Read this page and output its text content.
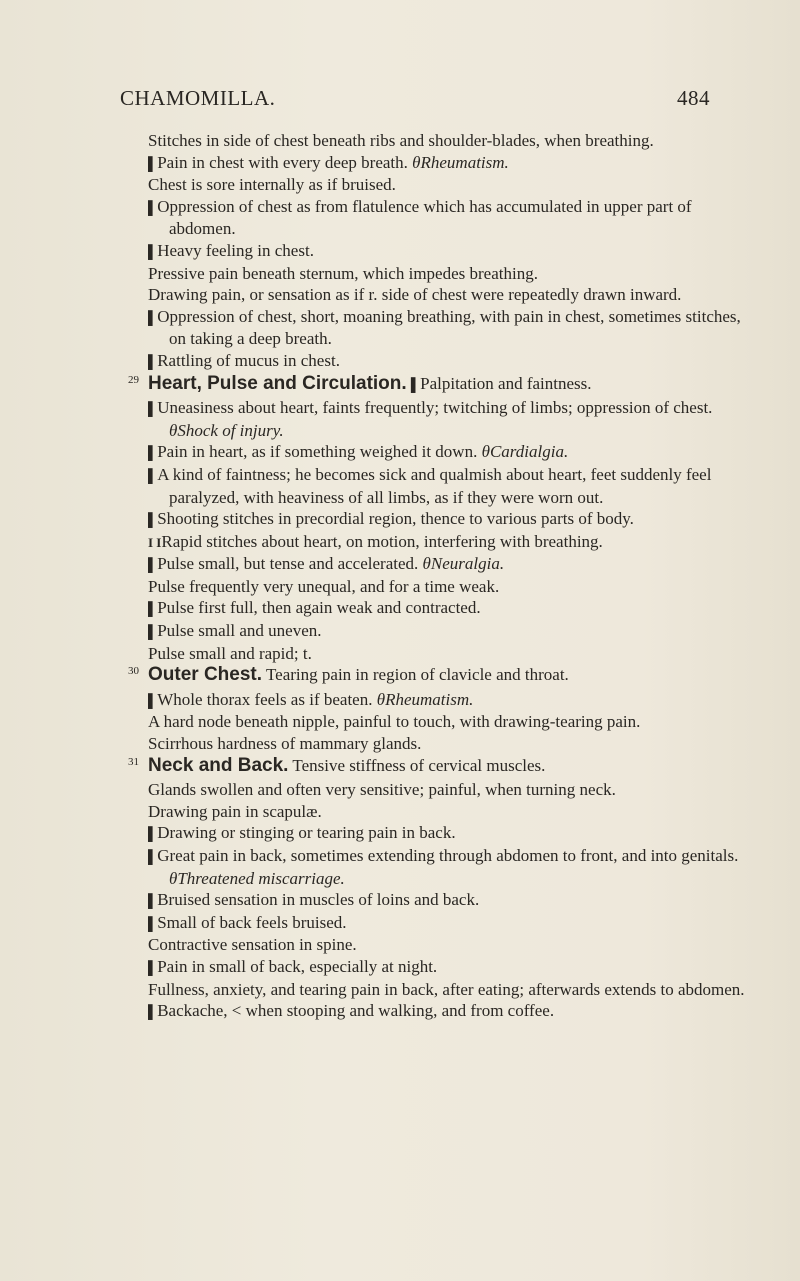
CHAMOMILLA.	484
Stitches in side of chest beneath ribs and shoulder-blades, when breathing.
▌Pain in chest with every deep breath. θRheumatism.
Chest is sore internally as if bruised.
▌Oppression of chest as from flatulence which has accumulated in upper part of abdomen.
▌Heavy feeling in chest.
Pressive pain beneath sternum, which impedes breathing.
Drawing pain, or sensation as if r. side of chest were repeatedly drawn inward.
▌Oppression of chest, short, moaning breathing, with pain in chest, sometimes stitches, on taking a deep breath.
▌Rattling of mucus in chest.
29 Heart, Pulse and Circulation. ▌Palpitation and faintness.
▌Uneasiness about heart, faints frequently; twitching of limbs; oppression of chest. θShock of injury.
▌Pain in heart, as if something weighed it down. θCardialgia.
▌A kind of faintness; he becomes sick and qualmish about heart, feet suddenly feel paralyzed, with heaviness of all limbs, as if they were worn out.
▌Shooting stitches in precordial region, thence to various parts of body.
I IRapid stitches about heart, on motion, interfering with breathing.
▌Pulse small, but tense and accelerated. θNeuralgia.
Pulse frequently very unequal, and for a time weak.
▌Pulse first full, then again weak and contracted.
▌Pulse small and uneven.
Pulse small and rapid; t.
30 Outer Chest. Tearing pain in region of clavicle and throat.
▌Whole thorax feels as if beaten. θRheumatism.
A hard node beneath nipple, painful to touch, with drawing-tearing pain.
Scirrhous hardness of mammary glands.
31 Neck and Back. Tensive stiffness of cervical muscles.
Glands swollen and often very sensitive; painful, when turning neck.
Drawing pain in scapulæ.
▌Drawing or stinging or tearing pain in back.
▌Great pain in back, sometimes extending through abdomen to front, and into genitals. θThreatened miscarriage.
▌Bruised sensation in muscles of loins and back.
▌Small of back feels bruised.
Contractive sensation in spine.
▌Pain in small of back, especially at night.
Fullness, anxiety, and tearing pain in back, after eating; afterwards extends to abdomen.
▌Backache, < when stooping and walking, and from coffee.
